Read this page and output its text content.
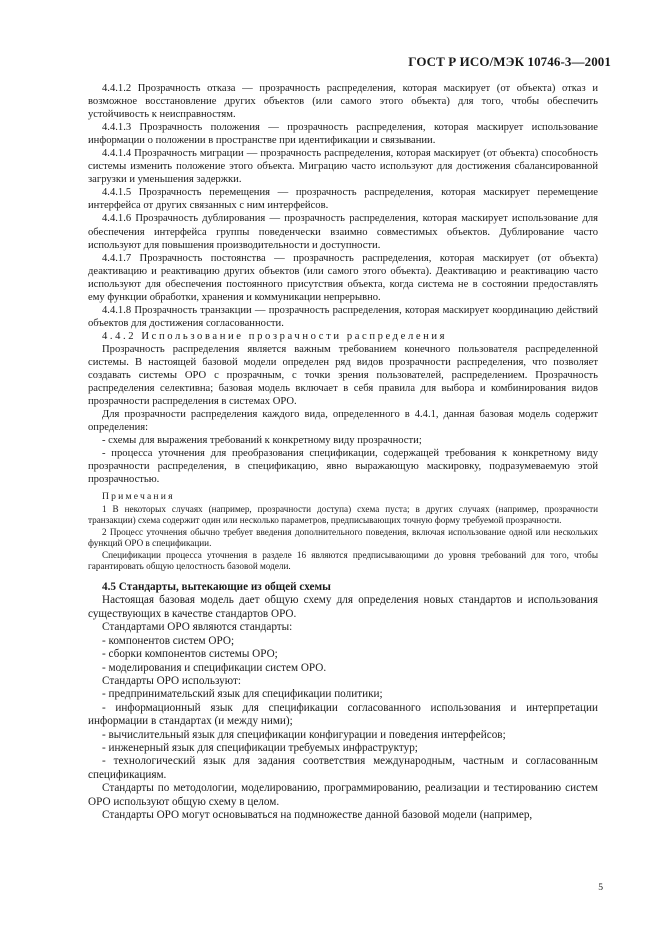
ГОСТ Р ИСО/МЭК 10746-3—2001

4.4.1.2 Прозрачность отказа — прозрачность распределения, которая маскирует (от объекта) отказ и возможное восстановление других объектов (или самого этого объекта) для того, чтобы обеспечить устойчивость к неисправностям.

4.4.1.3 Прозрачность положения — прозрачность распределения, которая маскирует использование информации о положении в пространстве при идентификации и связывании.

4.4.1.4 Прозрачность миграции — прозрачность распределения, которая маскирует (от объекта) способность системы изменить положение этого объекта. Миграцию часто используют для достижения сбалансированной загрузки и уменьшения задержки.

4.4.1.5 Прозрачность перемещения — прозрачность распределения, которая маскирует перемещение интерфейса от других связанных с ним интерфейсов.

4.4.1.6 Прозрачность дублирования — прозрачность распределения, которая маскирует использование для обеспечения интерфейса группы поведенчески взаимно совместимых объектов. Дублирование часто используют для повышения производительности и доступности.

4.4.1.7 Прозрачность постоянства — прозрачность распределения, которая маскирует (от объекта) деактивацию и реактивацию других объектов (или самого этого объекта). Деактивацию и реактивацию часто используют для обеспечения постоянного присутствия объекта, когда система не в состоянии предоставлять ему функции обработки, хранения и коммуникации непрерывно.

4.4.1.8 Прозрачность транзакции — прозрачность распределения, которая маскирует координацию действий объектов для достижения согласованности.

4.4.2 Использование прозрачности распределения

Прозрачность распределения является важным требованием конечного пользователя распределенной системы. В настоящей базовой модели определен ряд видов прозрачности распределения, что позволяет создавать системы ОРО с прозрачным, с точки зрения пользователей, распределением. Прозрачность распределения селективна; базовая модель включает в себя правила для выбора и комбинирования видов прозрачности распределения в системах ОРО.

Для прозрачности распределения каждого вида, определенного в 4.4.1, данная базовая модель содержит определения:

- схемы для выражения требований к конкретному виду прозрачности;

- процесса уточнения для преобразования спецификации, содержащей требования к конкретному виду прозрачности распределения, в спецификацию, явно выражающую маскировку, подразумеваемую этой прозрачностью.

Примечания

1 В некоторых случаях (например, прозрачности доступа) схема пуста; в других случаях (например, прозрачности транзакции) схема содержит один или несколько параметров, предписывающих точную форму требуемой прозрачности.

2 Процесс уточнения обычно требует введения дополнительного поведения, включая использование одной или нескольких функций ОРО в спецификации.

Спецификации процесса уточнения в разделе 16 являются предписывающими до уровня требований для того, чтобы гарантировать общую целостность базовой модели.

4.5 Стандарты, вытекающие из общей схемы

Настоящая базовая модель дает общую схему для определения новых стандартов и использования существующих в качестве стандартов ОРО.

Стандартами ОРО являются стандарты:

- компонентов систем ОРО;

- сборки компонентов системы ОРО;

- моделирования и спецификации систем ОРО.

Стандарты ОРО используют:

- предпринимательский язык для спецификации политики;

- информационный язык для спецификации согласованного использования и интерпретации информации в стандартах (и между ними);

- вычислительный язык для спецификации конфигурации и поведения интерфейсов;

- инженерный язык для спецификации требуемых инфраструктур;

- технологический язык для задания соответствия международным, частным и согласованным спецификациям.

Стандарты по методологии, моделированию, программированию, реализации и тестированию систем ОРО используют общую схему в целом.

Стандарты ОРО могут основываться на подмножестве данной базовой модели (например,

5
